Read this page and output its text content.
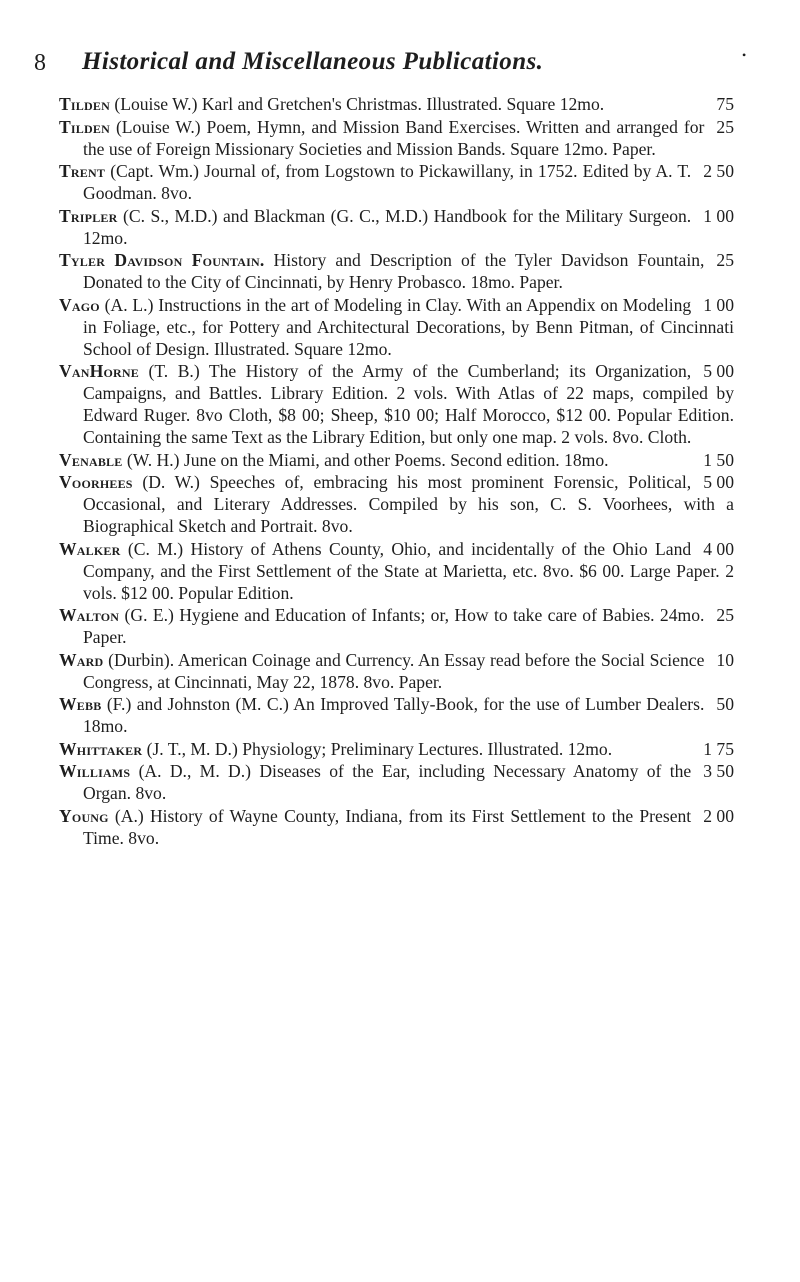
8 Historical and Miscellaneous Publications.	•

75
Tilden (Louise W.) Karl and Gretchen's Christmas. Illustrated. Square 12mo.

25
Tilden (Louise W.) Poem, Hymn, and Mission Band Exercises. Written and arranged for the use of Foreign Missionary Societies and Mission Bands. Square 12mo. Paper.

2 50
Trent (Capt. Wm.) Journal of, from Logstown to Pickawillany, in 1752. Edited by A. T. Goodman. 8vo.

1 00
Tripler (C. S., M.D.) and Blackman (G. C., M.D.) Handbook for the Military Surgeon. 12mo.

25
Tyler Davidson Fountain. History and Description of the Tyler Davidson Fountain, Donated to the City of Cincinnati, by Henry Probasco. 18mo. Paper.

1 00
Vago (A. L.) Instructions in the art of Modeling in Clay. With an Appendix on Modeling in Foliage, etc., for Pottery and Architectural Decorations, by Benn Pitman, of Cincinnati School of Design. Illustrated. Square 12mo.

5 00
VanHorne (T. B.) The History of the Army of the Cumberland; its Organization, Campaigns, and Battles. Library Edition. 2 vols. With Atlas of 22 maps, compiled by Edward Ruger. 8vo Cloth, $8 00; Sheep, $10 00; Half Morocco, $12 00. Popular Edition. Containing the same Text as the Library Edition, but only one map. 2 vols. 8vo. Cloth.

1 50
Venable (W. H.) June on the Miami, and other Poems. Second edition. 18mo.

5 00
Voorhees (D. W.) Speeches of, embracing his most prominent Forensic, Political, Occasional, and Literary Addresses. Compiled by his son, C. S. Voorhees, with a Biographical Sketch and Portrait. 8vo.

4 00
Walker (C. M.) History of Athens County, Ohio, and incidentally of the Ohio Land Company, and the First Settlement of the State at Marietta, etc. 8vo. $6 00. Large Paper. 2 vols. $12 00. Popular Edition.

25
Walton (G. E.) Hygiene and Education of Infants; or, How to take care of Babies. 24mo. Paper.

10
Ward (Durbin). American Coinage and Currency. An Essay read before the Social Science Congress, at Cincinnati, May 22, 1878. 8vo. Paper.

50
Webb (F.) and Johnston (M. C.) An Improved Tally-Book, for the use of Lumber Dealers. 18mo.

1 75
Whittaker (J. T., M. D.) Physiology; Preliminary Lectures. Illustrated. 12mo.

3 50
Williams (A. D., M. D.) Diseases of the Ear, including Necessary Anatomy of the Organ. 8vo.

2 00
Young (A.) History of Wayne County, Indiana, from its First Settlement to the Present Time. 8vo.
